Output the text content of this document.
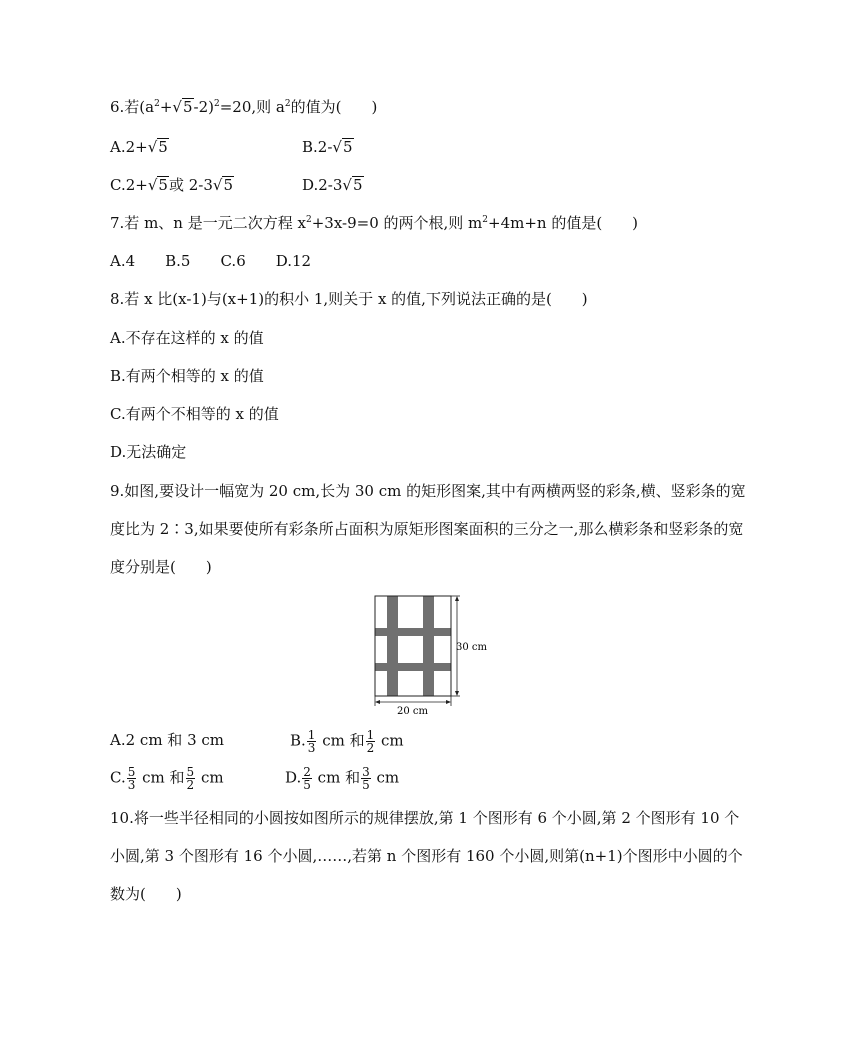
6.若$(a^2+√5-2)^2=20$,则 $a^2$的值为(　　)
A.2+√5	B.2-√5
C.2+√5或 2-3√5	D.2-3√5
7.若 m、n 是一元二次方程 $x^2+3x-9=0$ 的两个根,则 $m^2+4m+n$ 的值是(　　)
A.4　　B.5　　C.6　　D.12
8.若 x 比(x-1)与(x+1)的积小 1,则关于 x 的值,下列说法正确的是(　　)
A.不存在这样的 x 的值
B.有两个相等的 x 的值
C.有两个不相等的 x 的值
D.无法确定
9.如图,要设计一幅宽为 20 cm,长为 30 cm 的矩形图案,其中有两横两竖的彩条,横、竖彩条的宽度比为 2∶3,如果要使所有彩条所占面积为原矩形图案面积的三分之一,那么横彩条和竖彩条的宽度分别是(　　)
30 cm
20 cm
A.2 cm 和 3 cm	B. $\frac{1}{3}$ cm 和 $\frac{1}{2}$ cm
C. $\frac{5}{3}$ cm 和 $\frac{5}{2}$ cm	D. $\frac{2}{5}$ cm 和 $\frac{3}{5}$ cm
10.将一些半径相同的小圆按如图所示的规律摆放,第 1 个图形有 6 个小圆,第 2 个图形有 10 个小圆,第 3 个图形有 16 个小圆,……,若第 n 个图形有 160 个小圆,则第(n+1)个图形中小圆的个数为(　　)
